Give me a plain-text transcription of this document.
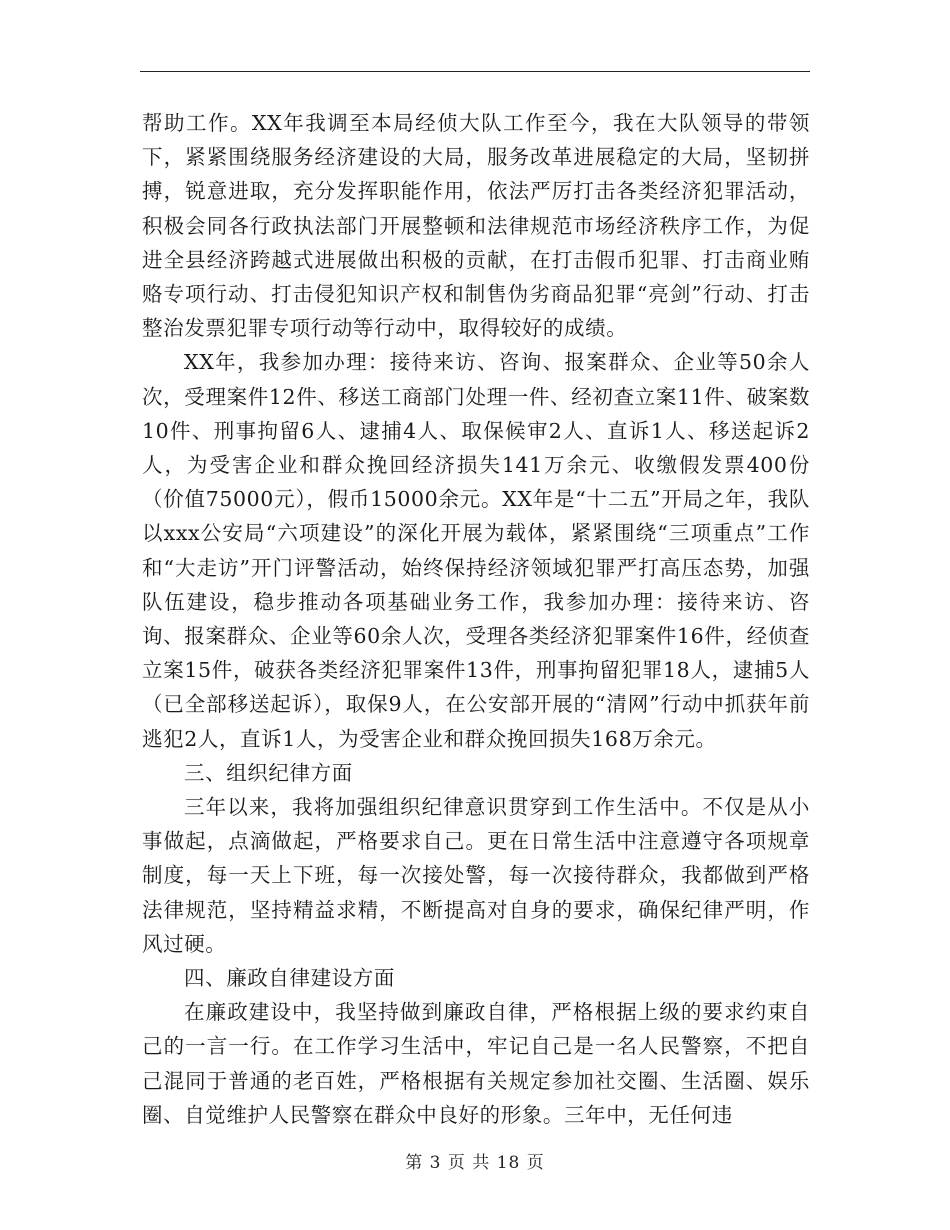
帮助工作。XX年我调至本局经侦大队工作至今，我在大队领导的带领下，紧紧围绕服务经济建设的大局，服务改革进展稳定的大局，坚韧拼搏，锐意进取，充分发挥职能作用，依法严厉打击各类经济犯罪活动，积极会同各行政执法部门开展整顿和法律规范市场经济秩序工作，为促进全县经济跨越式进展做出积极的贡献，在打击假币犯罪、打击商业贿赂专项行动、打击侵犯知识产权和制售伪劣商品犯罪“亮剑”行动、打击整治发票犯罪专项行动等行动中，取得较好的成绩。

XX年，我参加办理：接待来访、咨询、报案群众、企业等50余人次，受理案件12件、移送工商部门处理一件、经初查立案11件、破案数10件、刑事拘留6人、逮捕4人、取保候审2人、直诉1人、移送起诉2人，为受害企业和群众挽回经济损失141万余元、收缴假发票400份（价值75000元），假币15000余元。XX年是“十二五”开局之年，我队以xxx公安局“六项建设”的深化开展为载体，紧紧围绕“三项重点”工作和“大走访”开门评警活动，始终保持经济领域犯罪严打高压态势，加强队伍建设，稳步推动各项基础业务工作，我参加办理：接待来访、咨询、报案群众、企业等60余人次，受理各类经济犯罪案件16件，经侦查立案15件，破获各类经济犯罪案件13件，刑事拘留犯罪18人，逮捕5人（已全部移送起诉），取保9人，在公安部开展的“清网”行动中抓获年前逃犯2人，直诉1人，为受害企业和群众挽回损失168万余元。

三、组织纪律方面

三年以来，我将加强组织纪律意识贯穿到工作生活中。不仅是从小事做起，点滴做起，严格要求自己。更在日常生活中注意遵守各项规章制度，每一天上下班，每一次接处警，每一次接待群众，我都做到严格法律规范，坚持精益求精，不断提高对自身的要求，确保纪律严明，作风过硬。

四、廉政自律建设方面

在廉政建设中，我坚持做到廉政自律，严格根据上级的要求约束自己的一言一行。在工作学习生活中，牢记自己是一名人民警察，不把自己混同于普通的老百姓，严格根据有关规定参加社交圈、生活圈、娱乐圈、自觉维护人民警察在群众中良好的形象。三年中，无任何违

第 3 页 共 18 页
